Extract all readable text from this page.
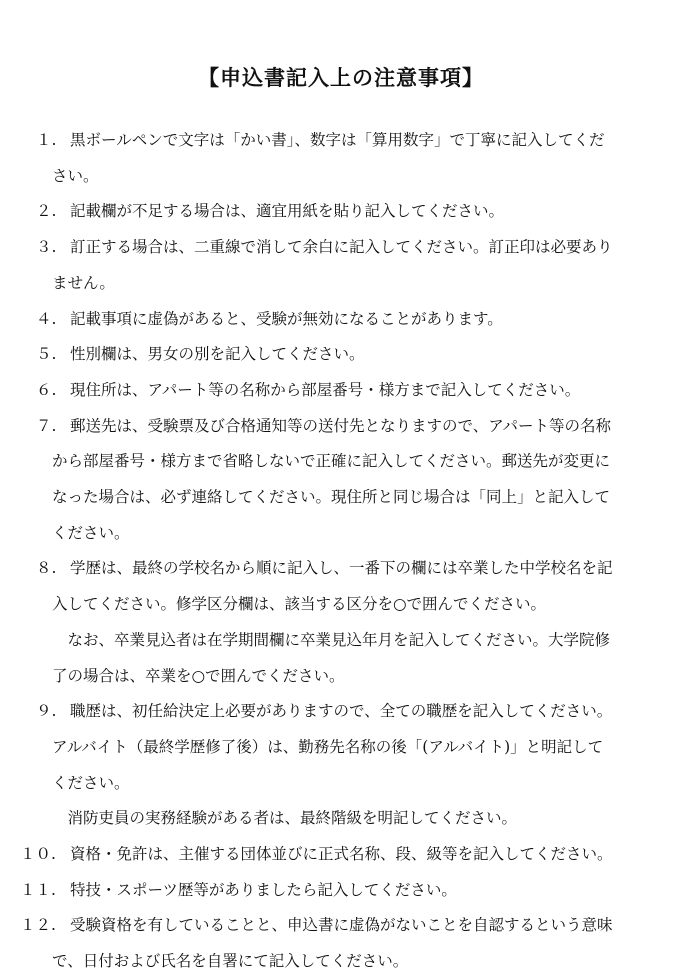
【申込書記入上の注意事項】
１. 黒ボールペンで文字は「かい書」、数字は「算用数字」で丁寧に記入してくだ
さい。
２. 記載欄が不足する場合は、適宜用紙を貼り記入してください。
３. 訂正する場合は、二重線で消して余白に記入してください。訂正印は必要あり
ません。
４. 記載事項に虚偽があると、受験が無効になることがあります。
５. 性別欄は、男女の別を記入してください。
６. 現住所は、アパート等の名称から部屋番号・様方まで記入してください。
７. 郵送先は、受験票及び合格通知等の送付先となりますので、アパート等の名称
から部屋番号・様方まで省略しないで正確に記入してください。郵送先が変更に
なった場合は、必ず連絡してください。現住所と同じ場合は「同上」と記入して
ください。
８. 学歴は、最終の学校名から順に記入し、一番下の欄には卒業した中学校名を記
入してください。修学区分欄は、該当する区分を○で囲んでください。
　なお、卒業見込者は在学期間欄に卒業見込年月を記入してください。大学院修
了の場合は、卒業を○で囲んでください。
９. 職歴は、初任給決定上必要がありますので、全ての職歴を記入してください。
アルバイト（最終学歴修了後）は、勤務先名称の後「(アルバイト)」と明記して
ください。
　消防吏員の実務経験がある者は、最終階級を明記してください。
１０. 資格・免許は、主催する団体並びに正式名称、段、級等を記入してください。
１１. 特技・スポーツ歴等がありましたら記入してください。
１２. 受験資格を有していることと、申込書に虚偽がないことを自認するという意味
で、日付および氏名を自署にて記入してください。
